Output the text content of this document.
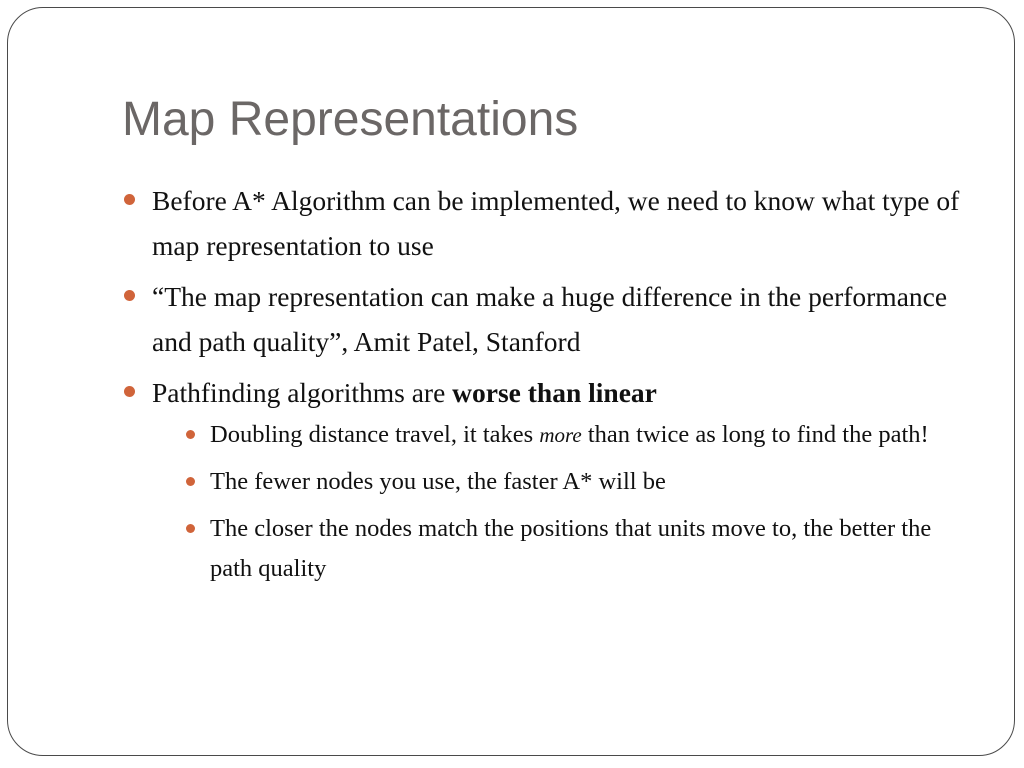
Map Representations
Before A* Algorithm can be implemented, we need to know what type of map representation to use
“The map representation can make a huge difference in the performance and path quality”, Amit Patel, Stanford
Pathfinding algorithms are worse than linear
Doubling distance travel, it takes more than twice as long to find the path!
The fewer nodes you use, the faster A* will be
The closer the nodes match the positions that units move to, the better the path quality
